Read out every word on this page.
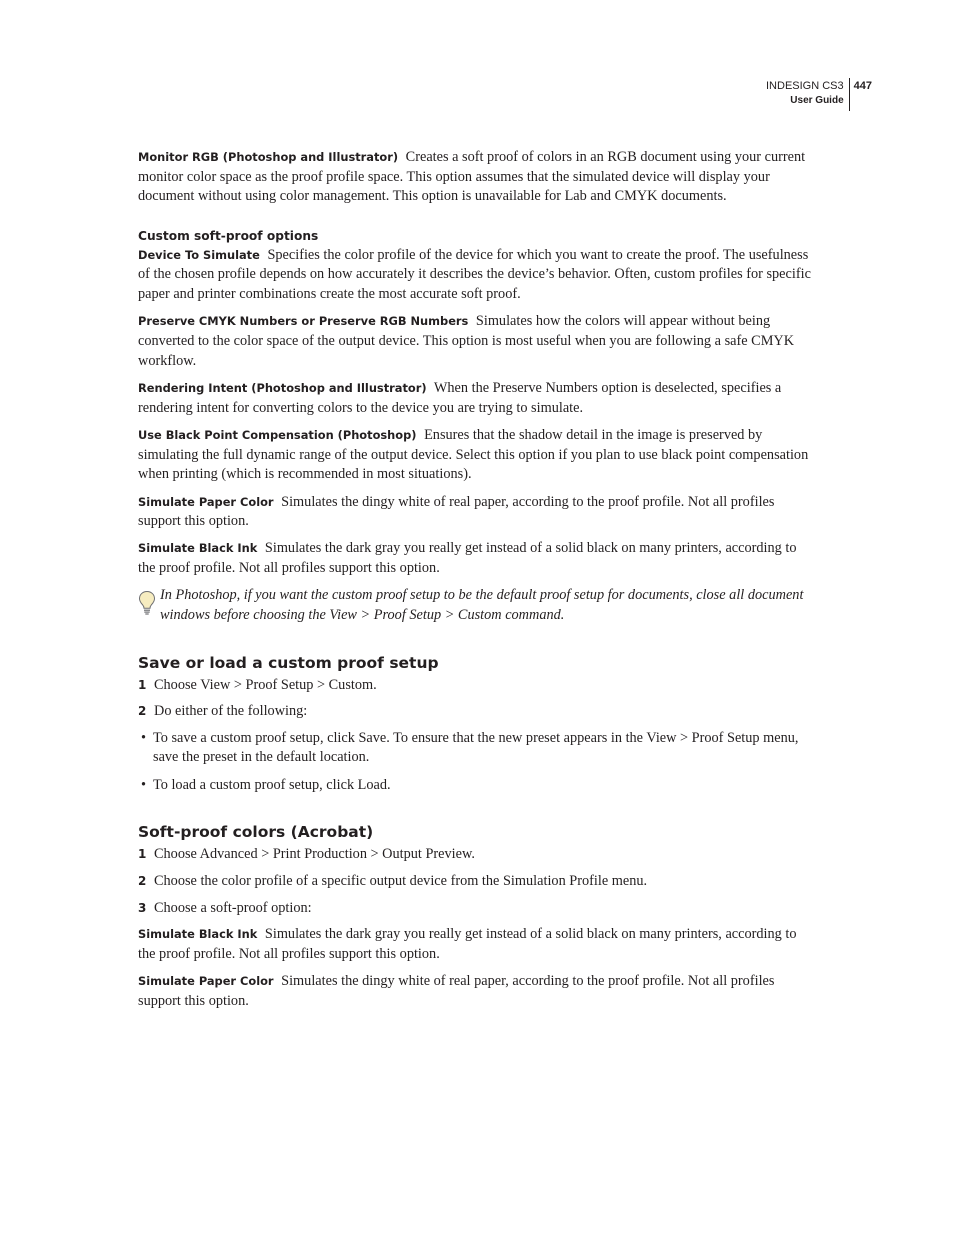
INDESIGN CS3
User Guide
447

Monitor RGB (Photoshop and Illustrator) Creates a soft proof of colors in an RGB document using your current monitor color space as the proof profile space. This option assumes that the simulated device will display your document without using color management. This option is unavailable for Lab and CMYK documents.

Custom soft-proof options

Device To Simulate Specifies the color profile of the device for which you want to create the proof. The usefulness of the chosen profile depends on how accurately it describes the device’s behavior. Often, custom profiles for specific paper and printer combinations create the most accurate soft proof.

Preserve CMYK Numbers or Preserve RGB Numbers Simulates how the colors will appear without being converted to the color space of the output device. This option is most useful when you are following a safe CMYK workflow.

Rendering Intent (Photoshop and Illustrator) When the Preserve Numbers option is deselected, specifies a rendering intent for converting colors to the device you are trying to simulate.

Use Black Point Compensation (Photoshop) Ensures that the shadow detail in the image is preserved by simulating the full dynamic range of the output device. Select this option if you plan to use black point compensation when printing (which is recommended in most situations).

Simulate Paper Color Simulates the dingy white of real paper, according to the proof profile. Not all profiles support this option.

Simulate Black Ink Simulates the dark gray you really get instead of a solid black on many printers, according to the proof profile. Not all profiles support this option.

In Photoshop, if you want the custom proof setup to be the default proof setup for documents, close all document windows before choosing the View > Proof Setup > Custom command.
Save or load a custom proof setup
1 Choose View > Proof Setup > Custom.
2 Do either of the following:
• To save a custom proof setup, click Save. To ensure that the new preset appears in the View > Proof Setup menu, save the preset in the default location.
• To load a custom proof setup, click Load.
Soft-proof colors (Acrobat)
1 Choose Advanced > Print Production > Output Preview.
2 Choose the color profile of a specific output device from the Simulation Profile menu.
3 Choose a soft-proof option:

Simulate Black Ink Simulates the dark gray you really get instead of a solid black on many printers, according to the proof profile. Not all profiles support this option.

Simulate Paper Color Simulates the dingy white of real paper, according to the proof profile. Not all profiles support this option.
